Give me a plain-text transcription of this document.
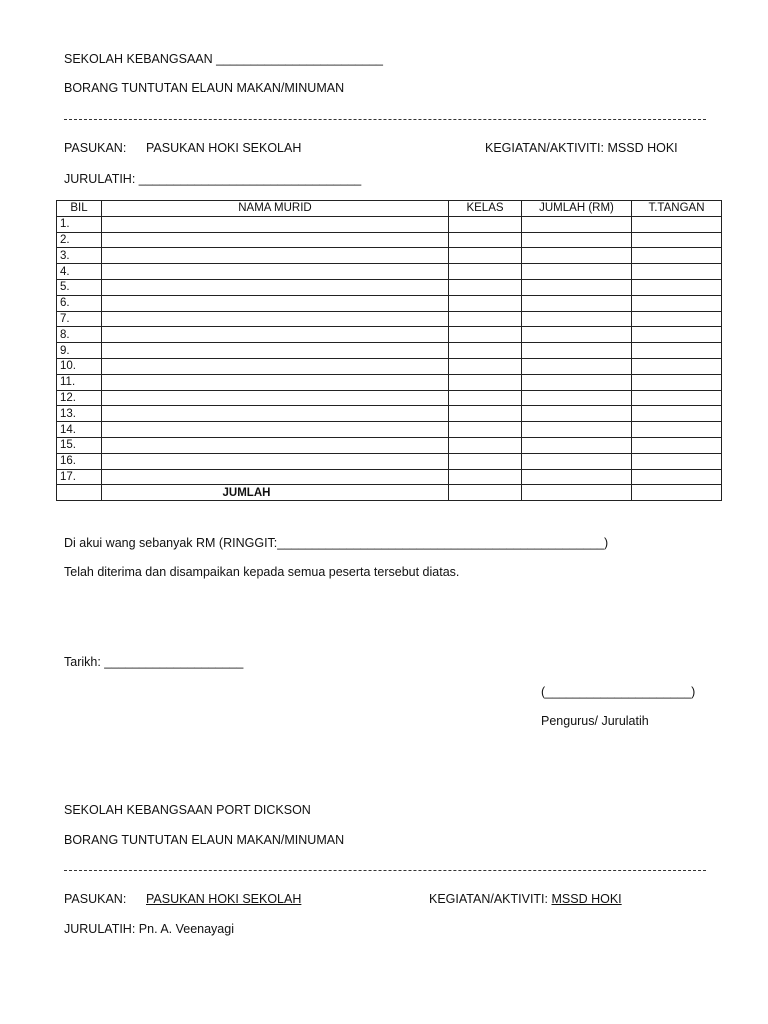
SEKOLAH KEBANGSAAN ________________________
BORANG TUNTUTAN ELAUN MAKAN/MINUMAN
PASUKAN: PASUKAN HOKI SEKOLAH	KEGIATAN/AKTIVITI: MSSD HOKI
JURULATIH: ________________________________
BIL	NAMA MURID	KELAS	JUMLAH (RM)	T.TANGAN
1.				
2.				
3.				
4.				
5.				
6.				
7.				
8.				
9.				
10.				
11.				
12.				
13.				
14.				
15.				
16.				
17.				
	JUMLAH			
Di akui wang sebanyak RM (RINGGIT:_______________________________________________)
Telah diterima dan disampaikan kepada semua peserta tersebut diatas.
Tarikh: ____________________
(_____________________)
Pengurus/ Jurulatih
SEKOLAH KEBANGSAAN PORT DICKSON
BORANG TUNTUTAN ELAUN MAKAN/MINUMAN
PASUKAN: PASUKAN HOKI SEKOLAH	KEGIATAN/AKTIVITI: MSSD HOKI
JURULATIH: Pn. A. Veenayagi
